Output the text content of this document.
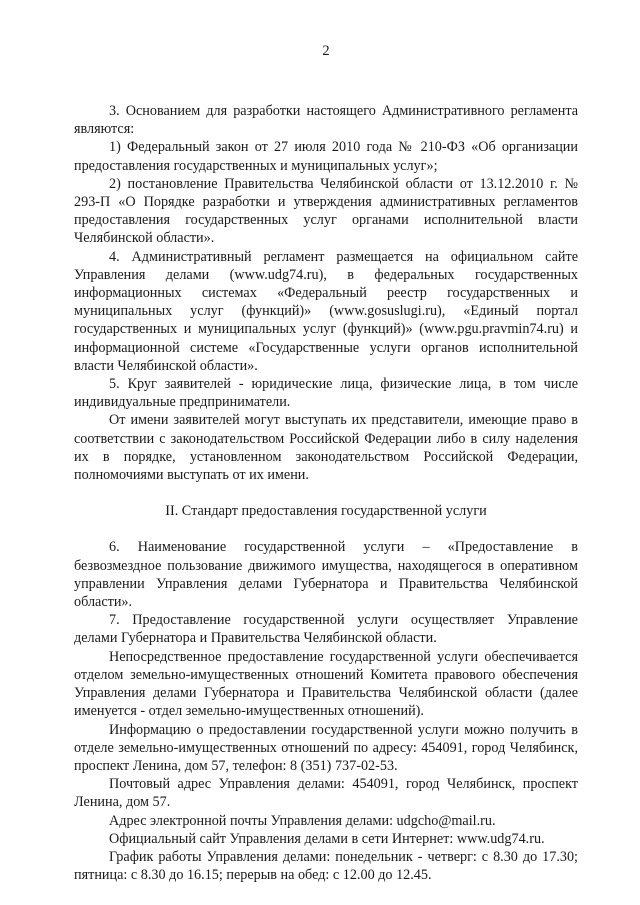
2

3. Основанием для разработки настоящего Административного регламента являются:

1) Федеральный закон от 27 июля 2010 года № 210-ФЗ «Об организации предоставления государственных и муниципальных услуг»;

2) постановление Правительства Челябинской области от 13.12.2010 г. № 293-П «О Порядке разработки и утверждения административных регламентов предоставления государственных услуг органами исполнительной власти Челябинской области».

4. Административный регламент размещается на официальном сайте Управления делами (www.udg74.ru), в федеральных государственных информационных системах «Федеральный реестр государственных и муниципальных услуг (функций)» (www.gosuslugi.ru), «Единый портал государственных и муниципальных услуг (функций)» (www.pgu.pravmin74.ru) и информационной системе «Государственные услуги органов исполнительной власти Челябинской области».

5. Круг заявителей - юридические лица, физические лица, в том числе индивидуальные предприниматели.

От имени заявителей могут выступать их представители, имеющие право в соответствии с законодательством Российской Федерации либо в силу наделения их в порядке, установленном законодательством Российской Федерации, полномочиями выступать от их имени.

II. Стандарт предоставления государственной услуги

6. Наименование государственной услуги – «Предоставление в безвозмездное пользование движимого имущества, находящегося в оперативном управлении Управления делами Губернатора и Правительства Челябинской области».

7. Предоставление государственной услуги осуществляет Управление делами Губернатора и Правительства Челябинской области.

Непосредственное предоставление государственной услуги обеспечивается отделом земельно-имущественных отношений Комитета правового обеспечения Управления делами Губернатора и Правительства Челябинской области (далее именуется - отдел земельно-имущественных отношений).

Информацию о предоставлении государственной услуги можно получить в отделе земельно-имущественных отношений по адресу: 454091, город Челябинск, проспект Ленина, дом 57, телефон: 8 (351) 737-02-53.

Почтовый адрес Управления делами: 454091, город Челябинск, проспект Ленина, дом 57.

Адрес электронной почты Управления делами: udgcho@mail.ru.

Официальный сайт Управления делами в сети Интернет: www.udg74.ru.

График работы Управления делами: понедельник - четверг: с 8.30 до 17.30; пятница: с 8.30 до 16.15; перерыв на обед: с 12.00 до 12.45.
